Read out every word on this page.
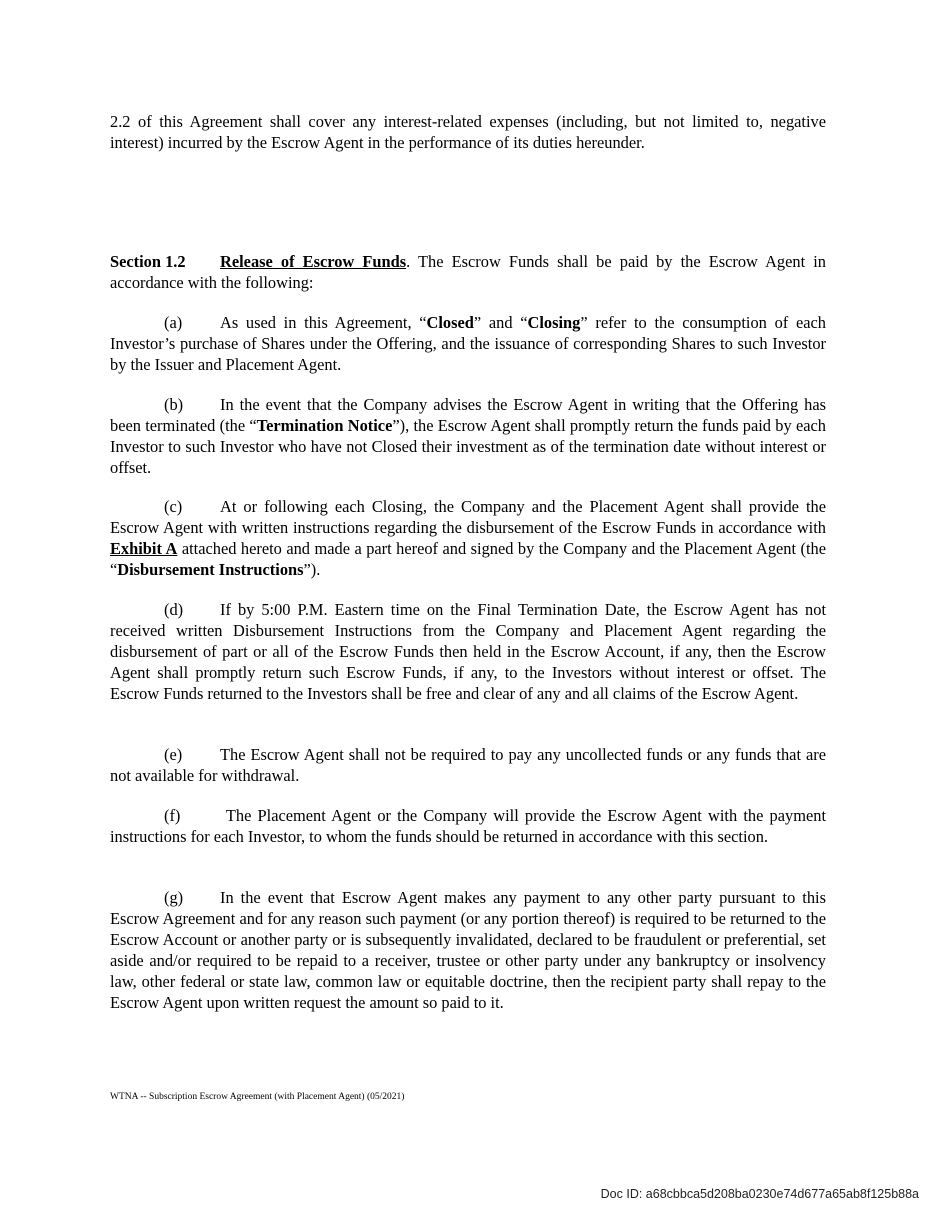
2.2 of this Agreement shall cover any interest-related expenses (including, but not limited to, negative interest) incurred by the Escrow Agent in the performance of its duties hereunder.

Section 1.2 Release of Escrow Funds. The Escrow Funds shall be paid by the Escrow Agent in accordance with the following:

(a) As used in this Agreement, “Closed” and “Closing” refer to the consumption of each Investor’s purchase of Shares under the Offering, and the issuance of corresponding Shares to such Investor by the Issuer and Placement Agent.

(b) In the event that the Company advises the Escrow Agent in writing that the Offering has been terminated (the “Termination Notice”), the Escrow Agent shall promptly return the funds paid by each Investor to such Investor who have not Closed their investment as of the termination date without interest or offset.

(c) At or following each Closing, the Company and the Placement Agent shall provide the Escrow Agent with written instructions regarding the disbursement of the Escrow Funds in accordance with Exhibit A attached hereto and made a part hereof and signed by the Company and the Placement Agent (the “Disbursement Instructions”).

(d) If by 5:00 P.M. Eastern time on the Final Termination Date, the Escrow Agent has not received written Disbursement Instructions from the Company and Placement Agent regarding the disbursement of part or all of the Escrow Funds then held in the Escrow Account, if any, then the Escrow Agent shall promptly return such Escrow Funds, if any, to the Investors without interest or offset. The Escrow Funds returned to the Investors shall be free and clear of any and all claims of the Escrow Agent.

(e) The Escrow Agent shall not be required to pay any uncollected funds or any funds that are not available for withdrawal.

(f) The Placement Agent or the Company will provide the Escrow Agent with the payment instructions for each Investor, to whom the funds should be returned in accordance with this section.

(g) In the event that Escrow Agent makes any payment to any other party pursuant to this Escrow Agreement and for any reason such payment (or any portion thereof) is required to be returned to the Escrow Account or another party or is subsequently invalidated, declared to be fraudulent or preferential, set aside and/or required to be repaid to a receiver, trustee or other party under any bankruptcy or insolvency law, other federal or state law, common law or equitable doctrine, then the recipient party shall repay to the Escrow Agent upon written request the amount so paid to it.

WTNA -- Subscription Escrow Agreement (with Placement Agent) (05/2021)
Doc ID: a68cbbca5d208ba0230e74d677a65ab8f125b88a
